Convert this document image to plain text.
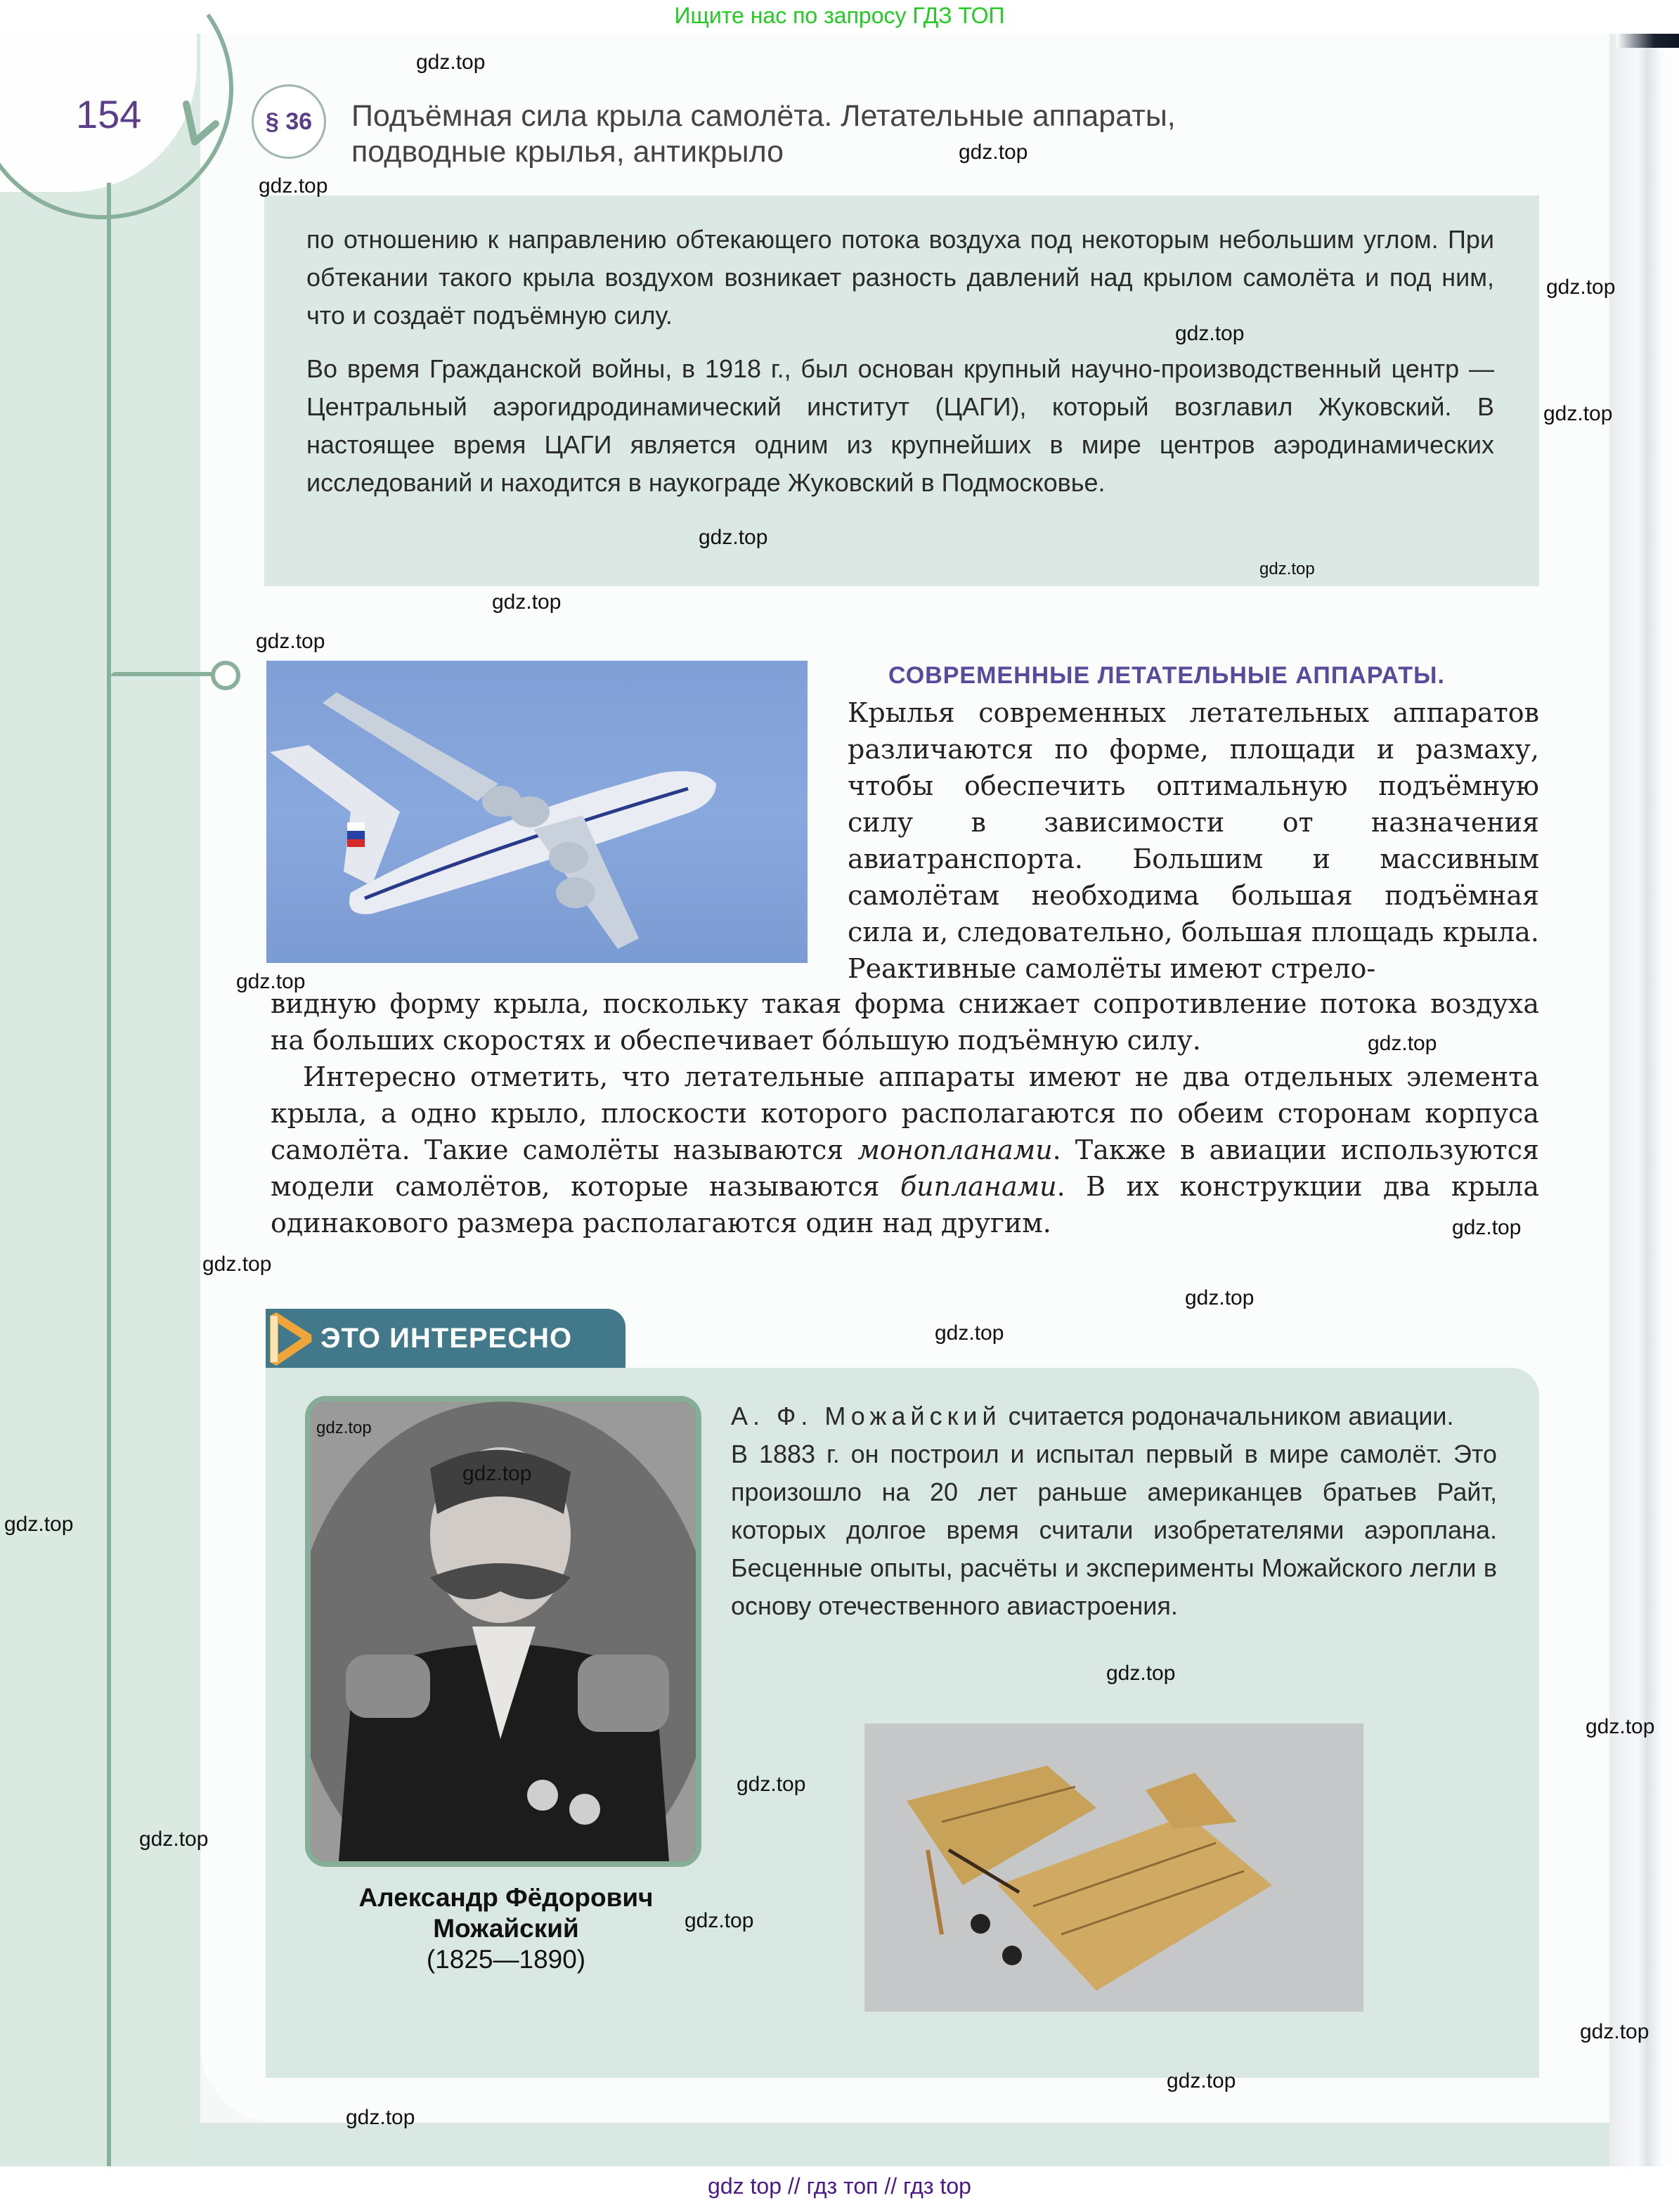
Ищите нас по запросу ГДЗ ТОП
154	§ 36 Подъёмная сила крыла самолёта. Летательные аппараты,
подводные крылья, антикрыло

по отношению к направлению обтекающего потока воздуха под некоторым небольшим углом. При обтекании такого крыла воздухом возникает разность давлений над крылом самолёта и под ним, что и создаёт подъёмную силу.

Во время Гражданской войны, в 1918 г., был основан крупный научно-производственный центр — Центральный аэрогидродинамический институт (ЦАГИ), который возглавил Жуковский. В настоящее время ЦАГИ является одним из крупнейших в мире центров аэродинамических исследований и находится в наукограде Жуковский в Подмосковье.

СОВРЕМЕННЫЕ ЛЕТАТЕЛЬНЫЕ АППАРАТЫ.

Крылья современных летательных аппаратов различаются по форме, площади и размаху, чтобы обеспечить оптимальную подъёмную силу в зависимости от назначения авиатранспорта. Большим и массивным самолётам необходима большая подъёмная сила и, следовательно, большая площадь крыла. Реактивные самолёты имеют стрело-

видную форму крыла, поскольку такая форма снижает сопротивление потока воздуха на больших скоростях и обеспечивает бóльшую подъёмную силу.

Интересно отметить, что летательные аппараты имеют не два отдельных элемента крыла, а одно крыло, плоскости которого располагаются по обеим сторонам корпуса самолёта. Такие самолёты называются монопланами. Также в авиации используются модели самолётов, которые называются бипланами. В их конструкции два крыла одинакового размера располагаются один над другим.

ЭТО ИНТЕРЕСНО
Александр Фёдорович Можайский
(1825—1890)

А. Ф. Можайский считается родоначальником авиации.

В 1883 г. он построил и испытал первый в мире самолёт. Это произошло на 20 лет раньше американцев братьев Райт, которых долгое время считали изобретателями аэроплана. Бесценные опыты, расчёты и эксперименты Можайского легли в основу отечественного авиастроения.

gdz.top
gdz.top
gdz.top
gdz.top
gdz.top
gdz.top
gdz.top
gdz.top
gdz.top
gdz.top
gdz.top
gdz.top
gdz.top
gdz.top
gdz.top
gdz.top
gdz.top
gdz.top
gdz.top
gdz.top
gdz.top
gdz.top
gdz.top
gdz.top
gdz.top
gdz.top
gdz.top
gdz top // гдз топ // гдз top
